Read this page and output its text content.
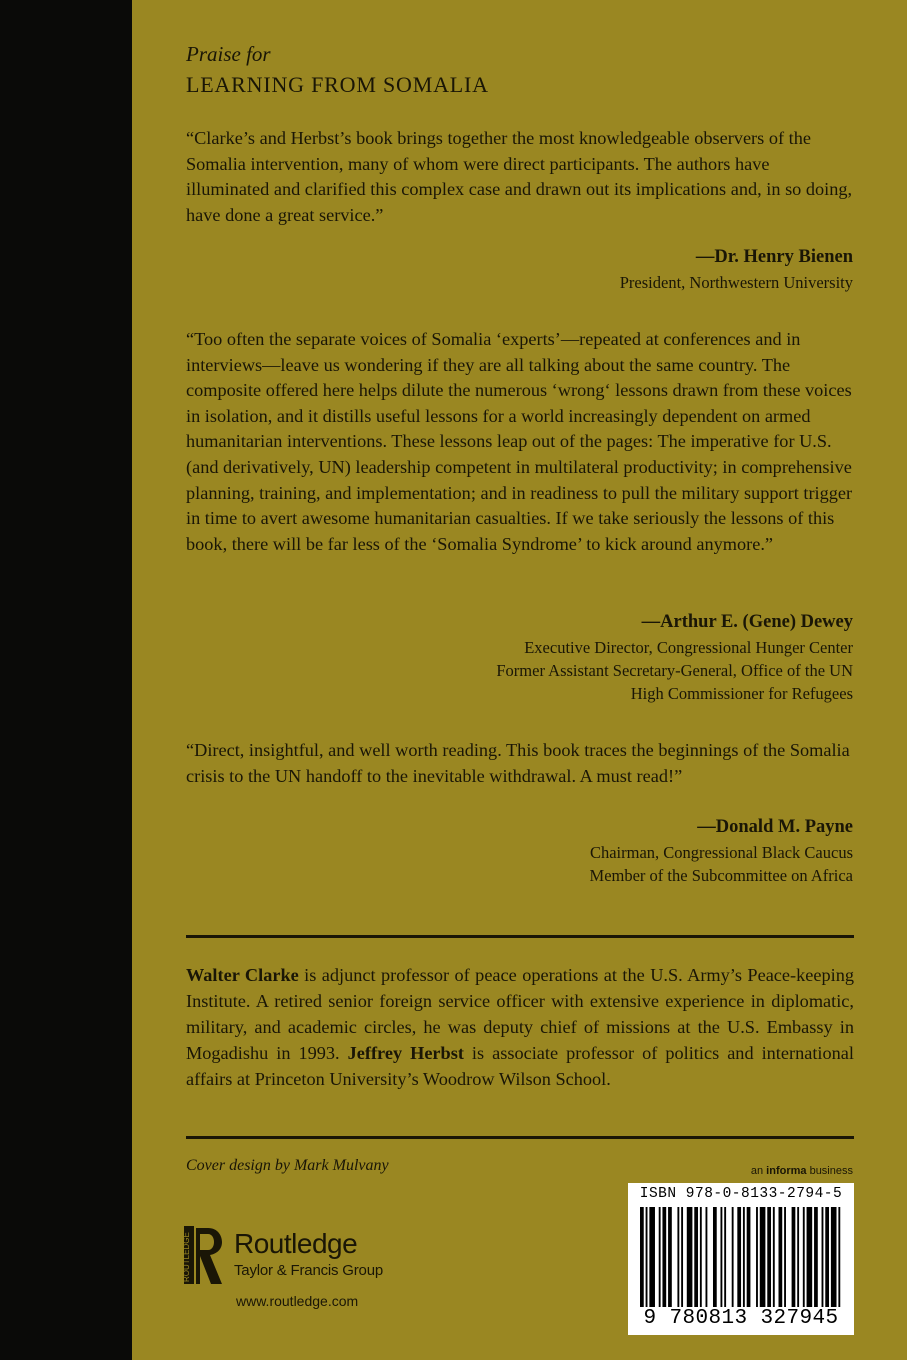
Praise for
LEARNING FROM SOMALIA
“Clarke’s and Herbst’s book brings together the most knowledgeable observers of the Somalia intervention, many of whom were direct participants. The authors have illuminated and clarified this complex case and drawn out its implications and, in so doing, have done a great service.”
—Dr. Henry Bienen
President, Northwestern University
“Too often the separate voices of Somalia ‘experts’—repeated at conferences and in interviews—leave us wondering if they are all talking about the same country. The composite offered here helps dilute the numerous ‘wrong‘ lessons drawn from these voices in isolation, and it distills useful lessons for a world increasingly dependent on armed humanitarian interventions. These lessons leap out of the pages: The imperative for U.S. (and derivatively, UN) leadership competent in multilateral productivity; in comprehensive planning, training, and implementation; and in readiness to pull the military support trigger in time to avert awesome humanitarian casualties. If we take seriously the lessons of this book, there will be far less of the ‘Somalia Syndrome’ to kick around anymore.”
—Arthur E. (Gene) Dewey
Executive Director, Congressional Hunger Center
Former Assistant Secretary-General, Office of the UN
High Commissioner for Refugees
“Direct, insightful, and well worth reading. This book traces the beginnings of the Somalia crisis to the UN handoff to the inevitable withdrawal. A must read!”
—Donald M. Payne
Chairman, Congressional Black Caucus
Member of the Subcommittee on Africa
Walter Clarke is adjunct professor of peace operations at the U.S. Army’s Peace-keeping Institute. A retired senior foreign service officer with extensive experience in diplomatic, military, and academic circles, he was deputy chief of missions at the U.S. Embassy in Mogadishu in 1993. Jeffrey Herbst is associate professor of politics and international affairs at Princeton University’s Woodrow Wilson School.
Cover design by Mark Mulvany	an informa business
ROUTLEDGE Routledge
Taylor & Francis Group
www.routledge.com
ISBN 978-0-8133-2794-5
9 780813 327945
